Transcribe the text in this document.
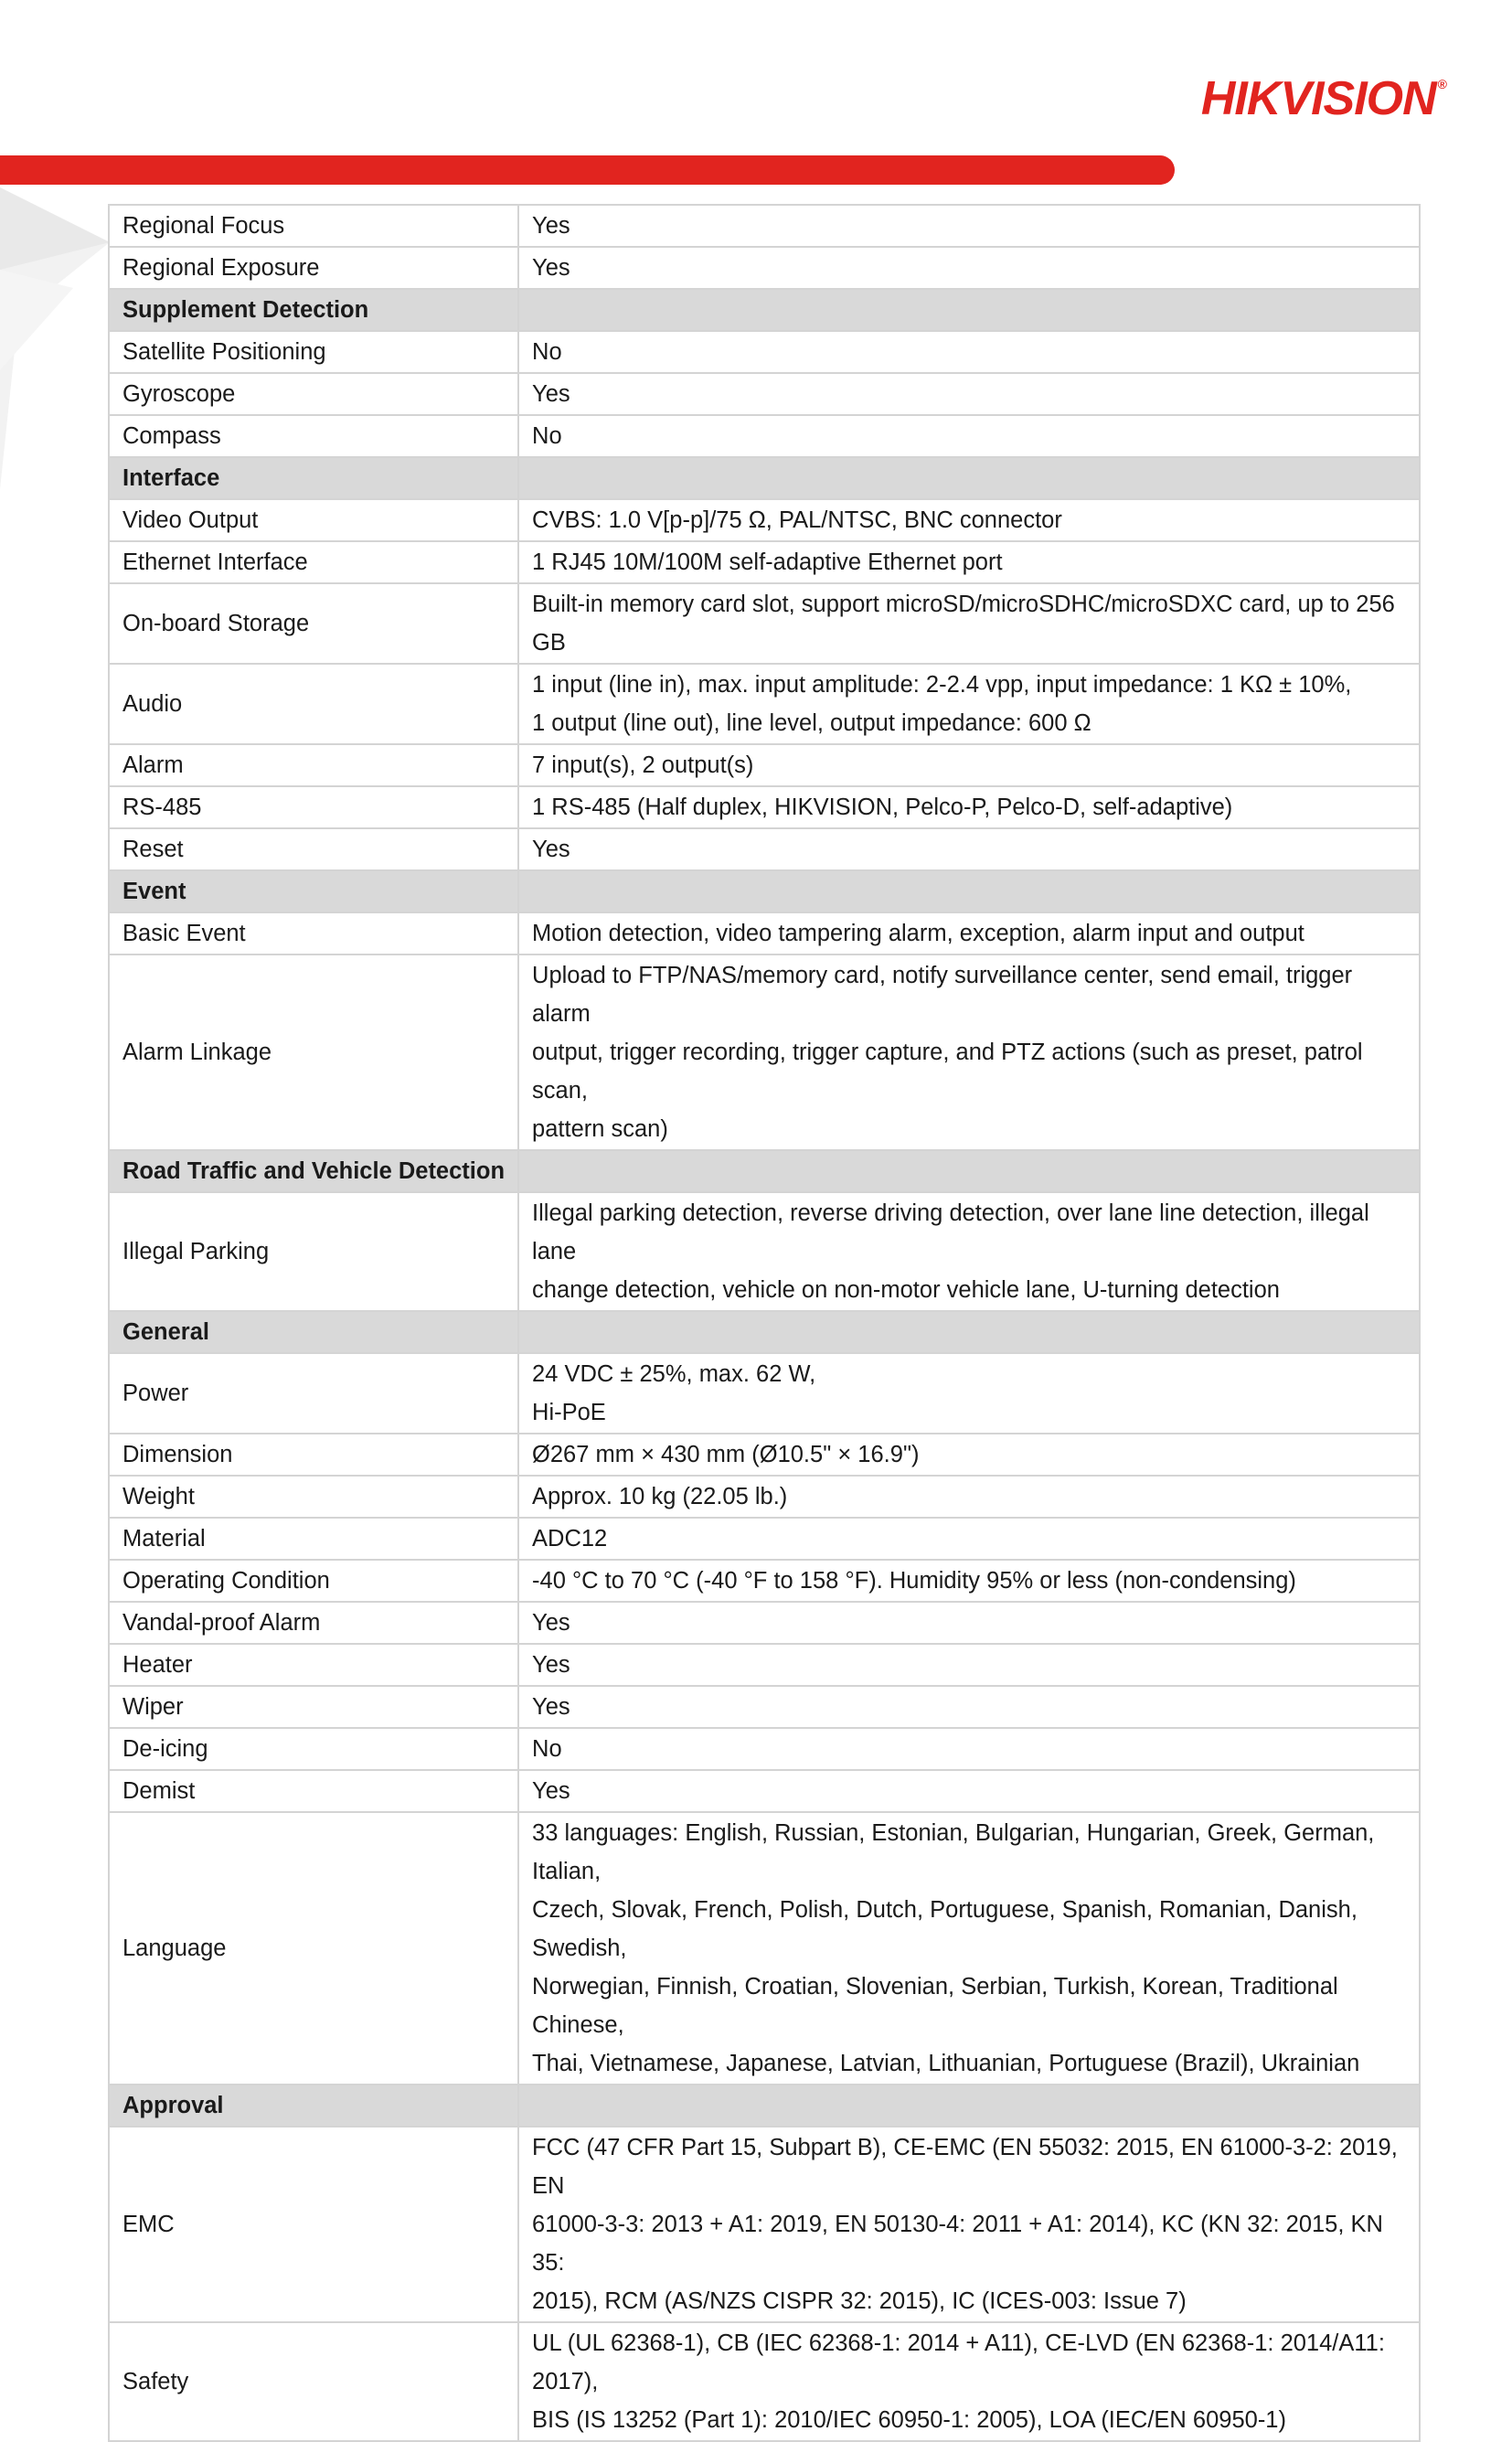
HIKVISION ®
Regional Focus	Yes

Regional Exposure	Yes

Supplement Detection	
Satellite Positioning	No

Gyroscope	Yes

Compass	No

Interface	
Video Output	CVBS: 1.0 V[p-p]/75 Ω, PAL/NTSC, BNC connector

Ethernet Interface	1 RJ45 10M/100M self-adaptive Ethernet port

On-board Storage	Built-in memory card slot, support microSD/microSDHC/microSDXC card, up to 256 GB

Audio	1 input (line in), max. input amplitude: 2-2.4 vpp, input impedance: 1 KΩ ± 10%,
1 output (line out), line level, output impedance: 600 Ω

Alarm	7 input(s), 2 output(s)

RS-485	1 RS-485 (Half duplex, HIKVISION, Pelco-P, Pelco-D, self-adaptive)

Reset	Yes

Event	
Basic Event	Motion detection, video tampering alarm, exception, alarm input and output

Alarm Linkage	Upload to FTP/NAS/memory card, notify surveillance center, send email, trigger alarm
output, trigger recording, trigger capture, and PTZ actions (such as preset, patrol scan,
pattern scan)

Road Traffic and Vehicle Detection	
Illegal Parking	Illegal parking detection, reverse driving detection, over lane line detection, illegal lane
change detection, vehicle on non-motor vehicle lane, U-turning detection

General	
Power	24 VDC ± 25%, max. 62 W,
Hi-PoE

Dimension	Ø267 mm × 430 mm (Ø10.5" × 16.9")

Weight	Approx. 10 kg (22.05 lb.)

Material	ADC12

Operating Condition	-40 °C to 70 °C (-40 °F to 158 °F). Humidity 95% or less (non-condensing)

Vandal-proof Alarm	Yes

Heater	Yes

Wiper	Yes

De-icing	No

Demist	Yes

Language	33 languages: English, Russian, Estonian, Bulgarian, Hungarian, Greek, German, Italian,
Czech, Slovak, French, Polish, Dutch, Portuguese, Spanish, Romanian, Danish, Swedish,
Norwegian, Finnish, Croatian, Slovenian, Serbian, Turkish, Korean, Traditional Chinese,
Thai, Vietnamese, Japanese, Latvian, Lithuanian, Portuguese (Brazil), Ukrainian

Approval	
EMC	FCC (47 CFR Part 15, Subpart B), CE-EMC (EN 55032: 2015, EN 61000-3-2: 2019, EN
61000-3-3: 2013 + A1: 2019, EN 50130-4: 2011 + A1: 2014), KC (KN 32: 2015, KN 35:
2015), RCM (AS/NZS CISPR 32: 2015), IC (ICES-003: Issue 7)

Safety	UL (UL 62368-1), CB (IEC 62368-1: 2014 + A11), CE-LVD (EN 62368-1: 2014/A11: 2017),
BIS (IS 13252 (Part 1): 2010/IEC 60950-1: 2005), LOA (IEC/EN 60950-1)
